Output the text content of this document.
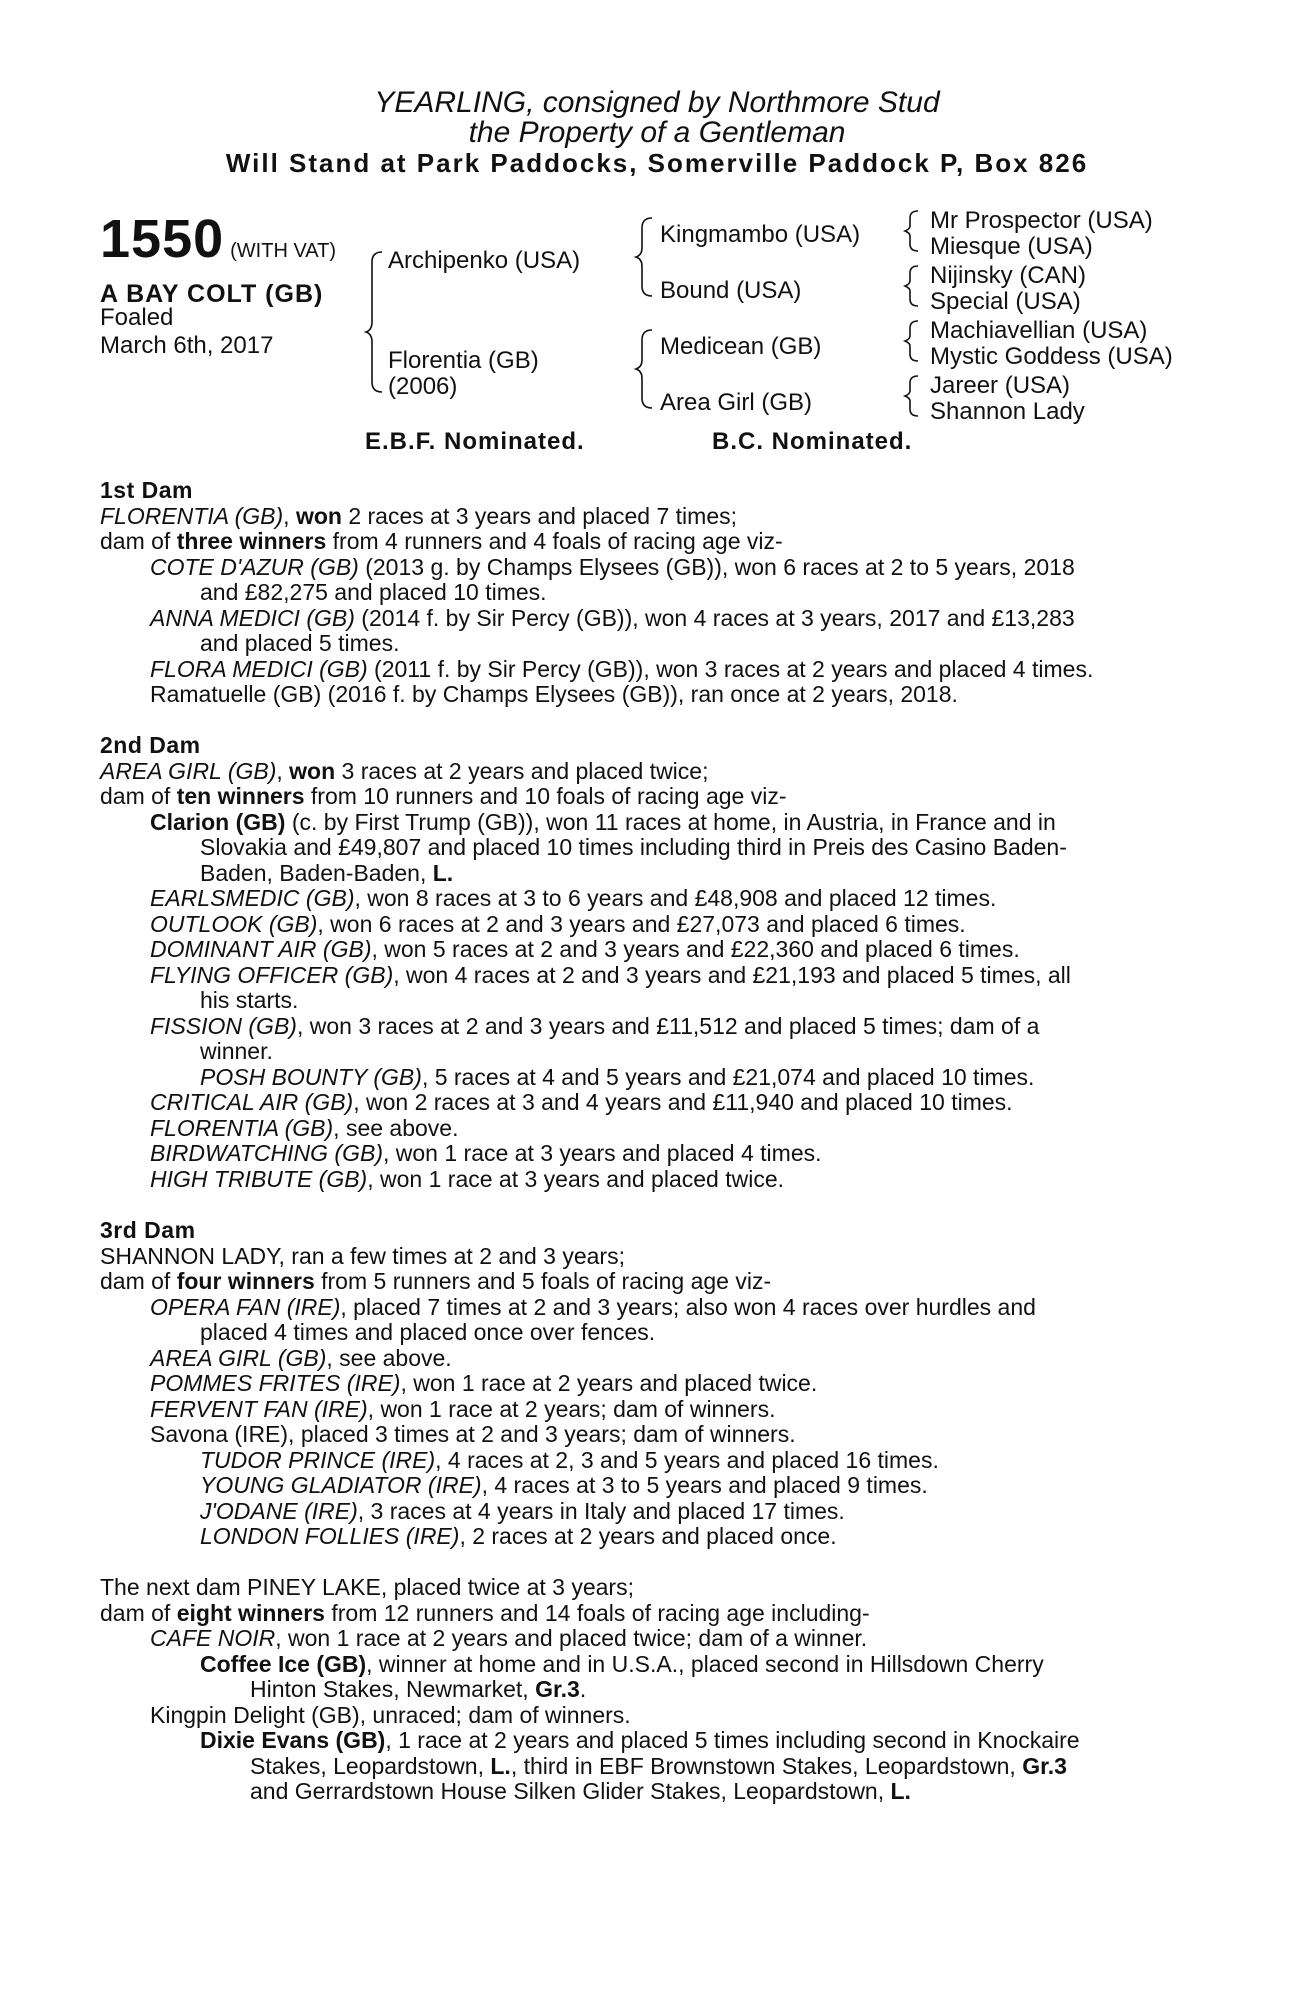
YEARLING, consigned by Northmore Stud
the Property of a Gentleman
Will Stand at Park Paddocks, Somerville Paddock P, Box 826
1550 (WITH VAT)
A BAY COLT (GB)
Foaled
March 6th, 2017
Archipenko (USA)
Florentia (GB)
(2006)
Kingmambo (USA)
Bound (USA)
Medicean (GB)
Area Girl (GB)
Mr Prospector (USA)
Miesque (USA)
Nijinsky (CAN)
Special (USA)
Machiavellian (USA)
Mystic Goddess (USA)
Jareer (USA)
Shannon Lady
E.B.F. Nominated.	B.C. Nominated.
1st Dam
FLORENTIA (GB), won 2 races at 3 years and placed 7 times;
dam of three winners from 4 runners and 4 foals of racing age viz-
COTE D'AZUR (GB) (2013 g. by Champs Elysees (GB)), won 6 races at 2 to 5 years, 2018
and £82,275 and placed 10 times.
ANNA MEDICI (GB) (2014 f. by Sir Percy (GB)), won 4 races at 3 years, 2017 and £13,283
and placed 5 times.
FLORA MEDICI (GB) (2011 f. by Sir Percy (GB)), won 3 races at 2 years and placed 4 times.
Ramatuelle (GB) (2016 f. by Champs Elysees (GB)), ran once at 2 years, 2018.
2nd Dam
AREA GIRL (GB), won 3 races at 2 years and placed twice;
dam of ten winners from 10 runners and 10 foals of racing age viz-
Clarion (GB) (c. by First Trump (GB)), won 11 races at home, in Austria, in France and in
Slovakia and £49,807 and placed 10 times including third in Preis des Casino Baden-
Baden, Baden-Baden, L.
EARLSMEDIC (GB), won 8 races at 3 to 6 years and £48,908 and placed 12 times.
OUTLOOK (GB), won 6 races at 2 and 3 years and £27,073 and placed 6 times.
DOMINANT AIR (GB), won 5 races at 2 and 3 years and £22,360 and placed 6 times.
FLYING OFFICER (GB), won 4 races at 2 and 3 years and £21,193 and placed 5 times, all
his starts.
FISSION (GB), won 3 races at 2 and 3 years and £11,512 and placed 5 times; dam of a
winner.
POSH BOUNTY (GB), 5 races at 4 and 5 years and £21,074 and placed 10 times.
CRITICAL AIR (GB), won 2 races at 3 and 4 years and £11,940 and placed 10 times.
FLORENTIA (GB), see above.
BIRDWATCHING (GB), won 1 race at 3 years and placed 4 times.
HIGH TRIBUTE (GB), won 1 race at 3 years and placed twice.
3rd Dam
SHANNON LADY, ran a few times at 2 and 3 years;
dam of four winners from 5 runners and 5 foals of racing age viz-
OPERA FAN (IRE), placed 7 times at 2 and 3 years; also won 4 races over hurdles and
placed 4 times and placed once over fences.
AREA GIRL (GB), see above.
POMMES FRITES (IRE), won 1 race at 2 years and placed twice.
FERVENT FAN (IRE), won 1 race at 2 years; dam of winners.
Savona (IRE), placed 3 times at 2 and 3 years; dam of winners.
TUDOR PRINCE (IRE), 4 races at 2, 3 and 5 years and placed 16 times.
YOUNG GLADIATOR (IRE), 4 races at 3 to 5 years and placed 9 times.
J'ODANE (IRE), 3 races at 4 years in Italy and placed 17 times.
LONDON FOLLIES (IRE), 2 races at 2 years and placed once.
The next dam PINEY LAKE, placed twice at 3 years;
dam of eight winners from 12 runners and 14 foals of racing age including-
CAFE NOIR, won 1 race at 2 years and placed twice; dam of a winner.
Coffee Ice (GB), winner at home and in U.S.A., placed second in Hillsdown Cherry
Hinton Stakes, Newmarket, Gr.3.
Kingpin Delight (GB), unraced; dam of winners.
Dixie Evans (GB), 1 race at 2 years and placed 5 times including second in Knockaire
Stakes, Leopardstown, L., third in EBF Brownstown Stakes, Leopardstown, Gr.3
and Gerrardstown House Silken Glider Stakes, Leopardstown, L.
